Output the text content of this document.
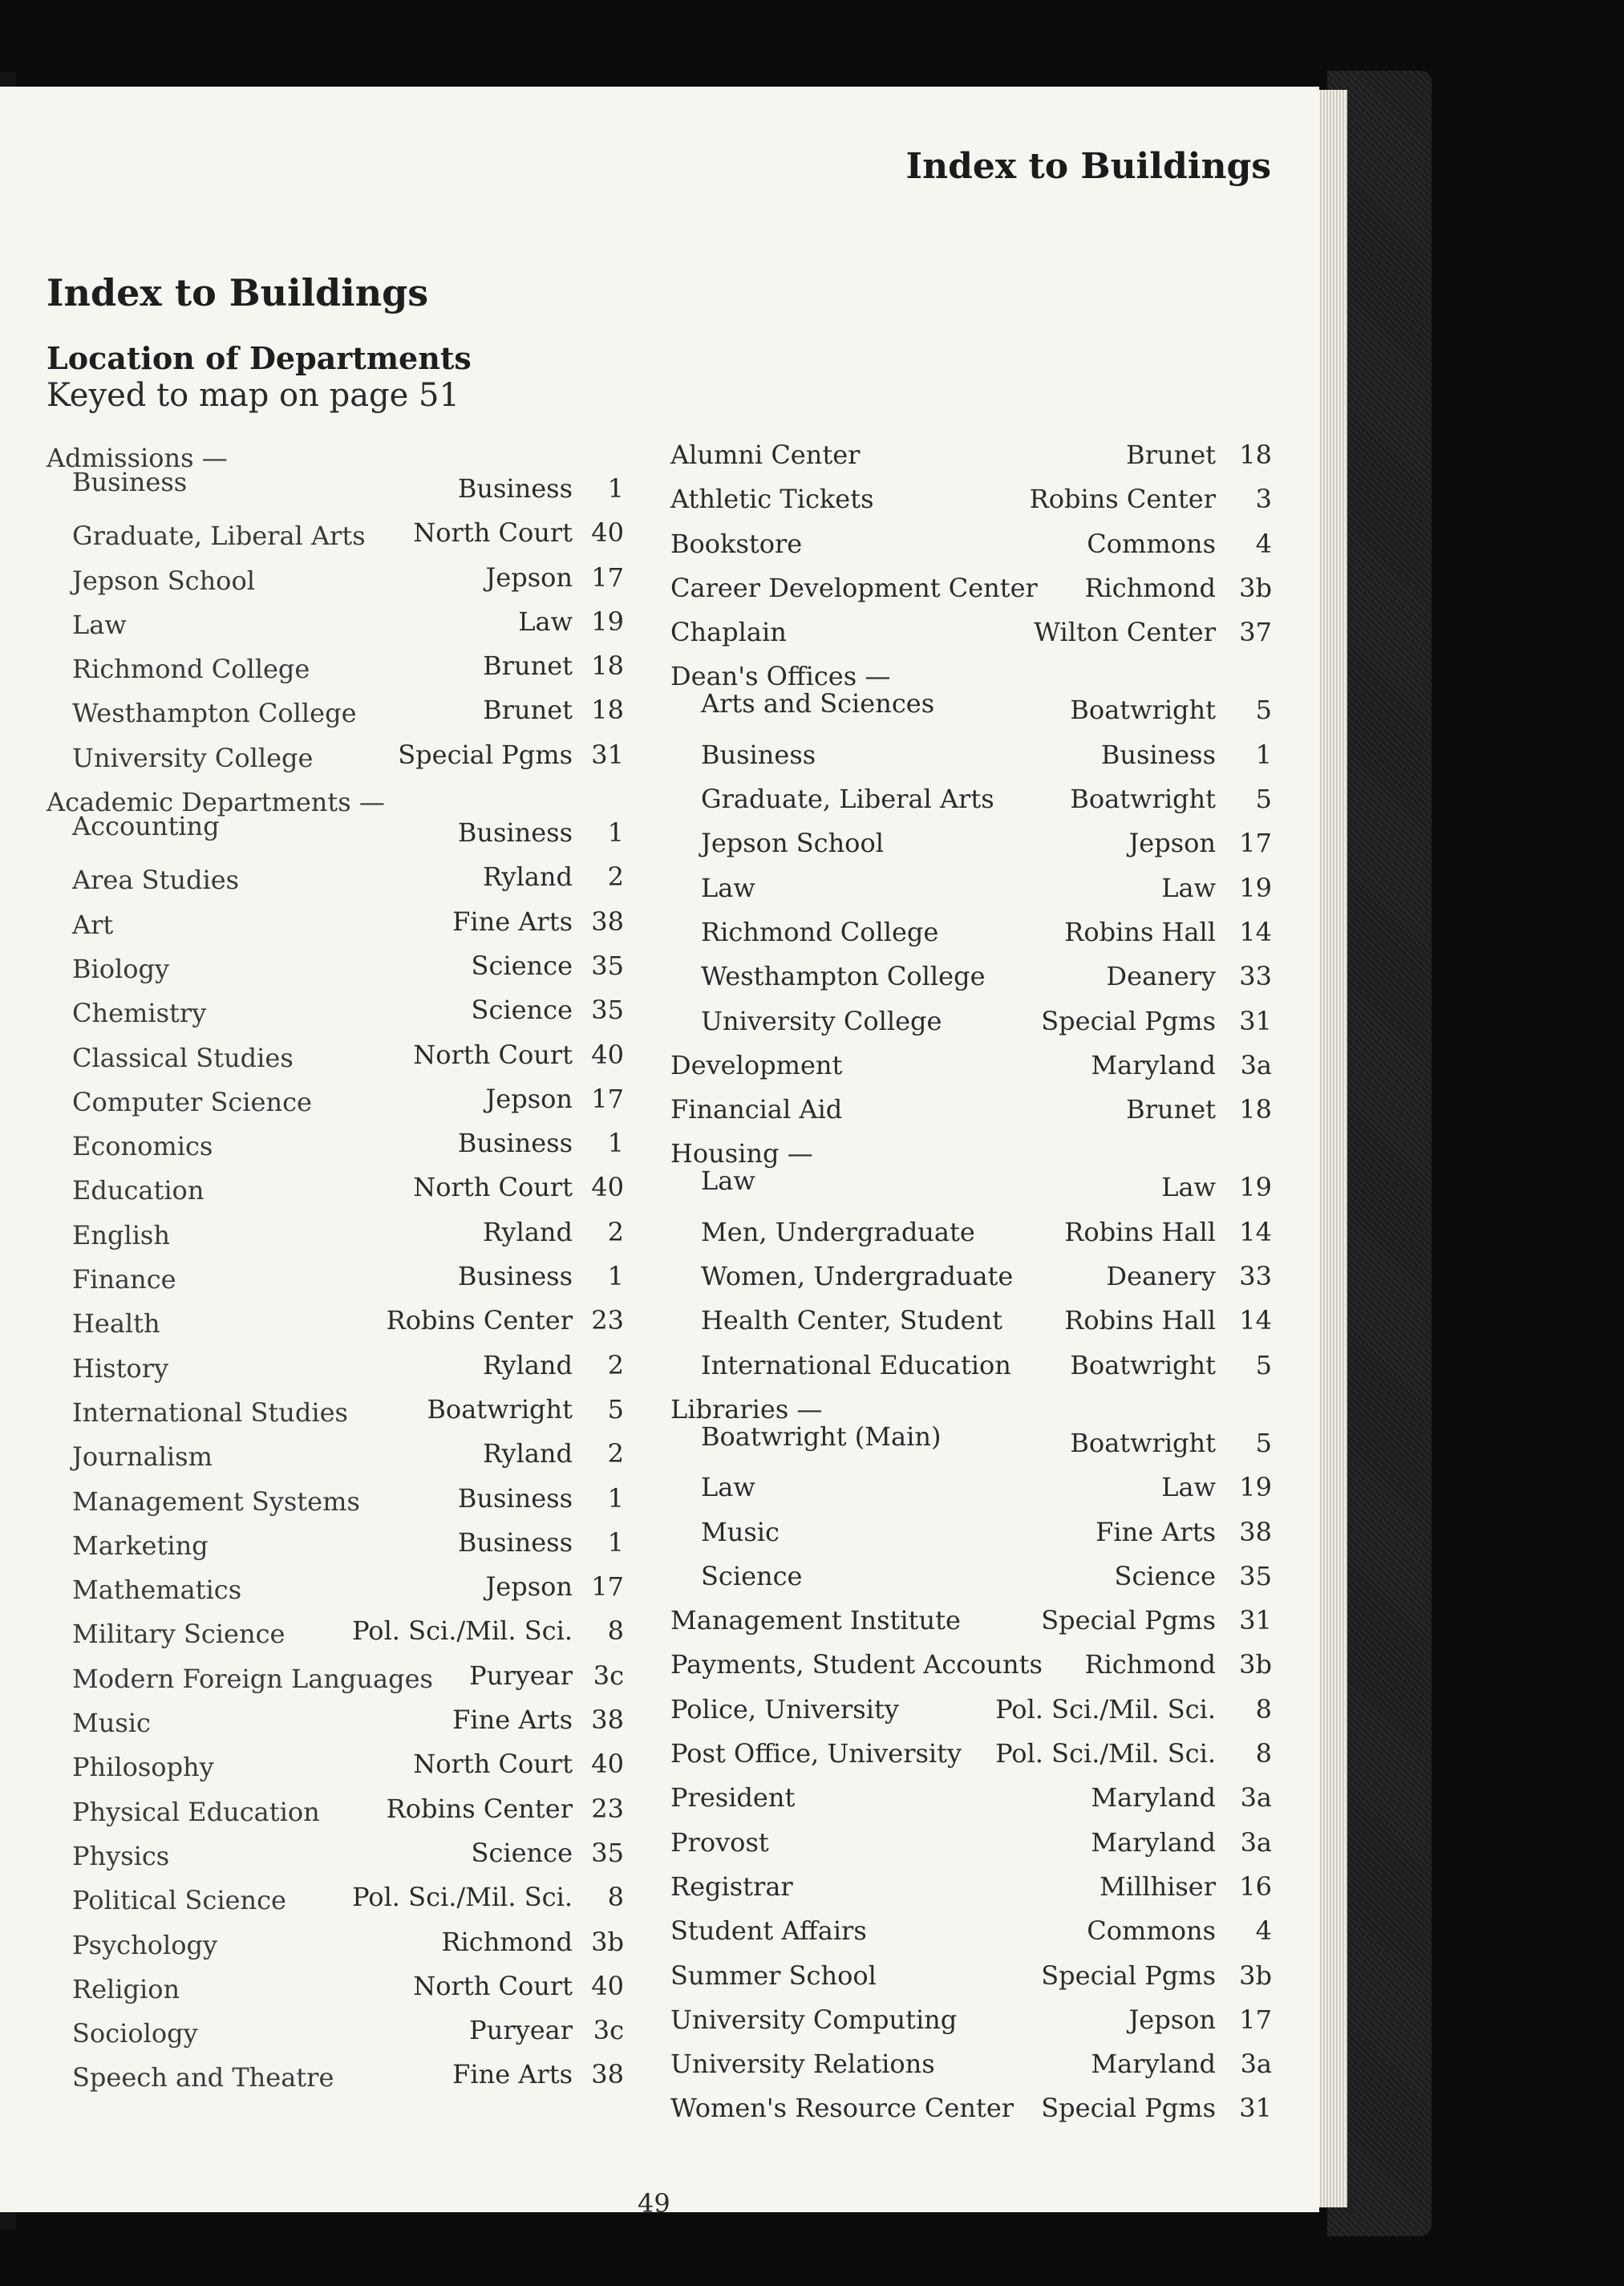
Index to Buildings
Index to Buildings
Location of Departments
Keyed to map on page 51
Admissions —
Business	Business	1
Graduate, Liberal Arts North Court 40
Jepson School	Jepson 17
Law	Law 19
Richmond College	Brunet 18
Westhampton College	Brunet 18
University College	Special Pgms 31
Academic Departments —
Accounting	Business	1
Area Studies	Ryland	2
Art	Fine Arts 38
Biology	Science 35
Chemistry	Science 35
Classical Studies	North Court 40
Computer Science	Jepson 17
Economics	Business	1
Education	North Court 40
English	Ryland	2
Finance	Business	1
Health	Robins Center 23
History	Ryland	2
International Studies	Boatwright	5
Journalism	Ryland	2
Management Systems	Business	1
Marketing	Business	1
Mathematics	Jepson 17
Military Science	Pol. Sci./Mil. Sci.	8
Modern Foreign Languages Puryear 3c
Music	Fine Arts 38
Philosophy	North Court 40
Physical Education	Robins Center 23
Physics	Science 35
Political Science	Pol. Sci./Mil. Sci.	8
Psychology	Richmond 3b
Religion	North Court 40
Sociology	Puryear 3c
Speech and Theatre	Fine Arts 38
Alumni Center	Brunet 18
Athletic Tickets	Robins Center	3
Bookstore	Commons	4
Career Development Center Richmond 3b
Chaplain	Wilton Center 37
Dean's Offices —
Arts and Sciences	Boatwright	5
Business	Business	1
Graduate, Liberal Arts	Boatwright	5
Jepson School	Jepson 17
Law	Law 19
Richmond College	Robins Hall 14
Westhampton College	Deanery 33
University College	Special Pgms 31
Development	Maryland 3a
Financial Aid	Brunet 18
Housing —
Law	Law 19
Men, Undergraduate	Robins Hall 14
Women, Undergraduate	Deanery 33
Health Center, Student Robins Hall 14
International Education Boatwright	5
Libraries —
Boatwright (Main)	Boatwright	5
Law	Law 19
Music	Fine Arts 38
Science	Science 35
Management Institute	Special Pgms 31
Payments, Student Accounts Richmond 3b
Police, University	Pol. Sci./Mil. Sci.	8
Post Office, University Pol. Sci./Mil. Sci.	8
President	Maryland 3a
Provost	Maryland 3a
Registrar	Millhiser 16
Student Affairs	Commons	4
Summer School	Special Pgms 3b
University Computing	Jepson 17
University Relations	Maryland 3a
Women's Resource Center Special Pgms 31
49
